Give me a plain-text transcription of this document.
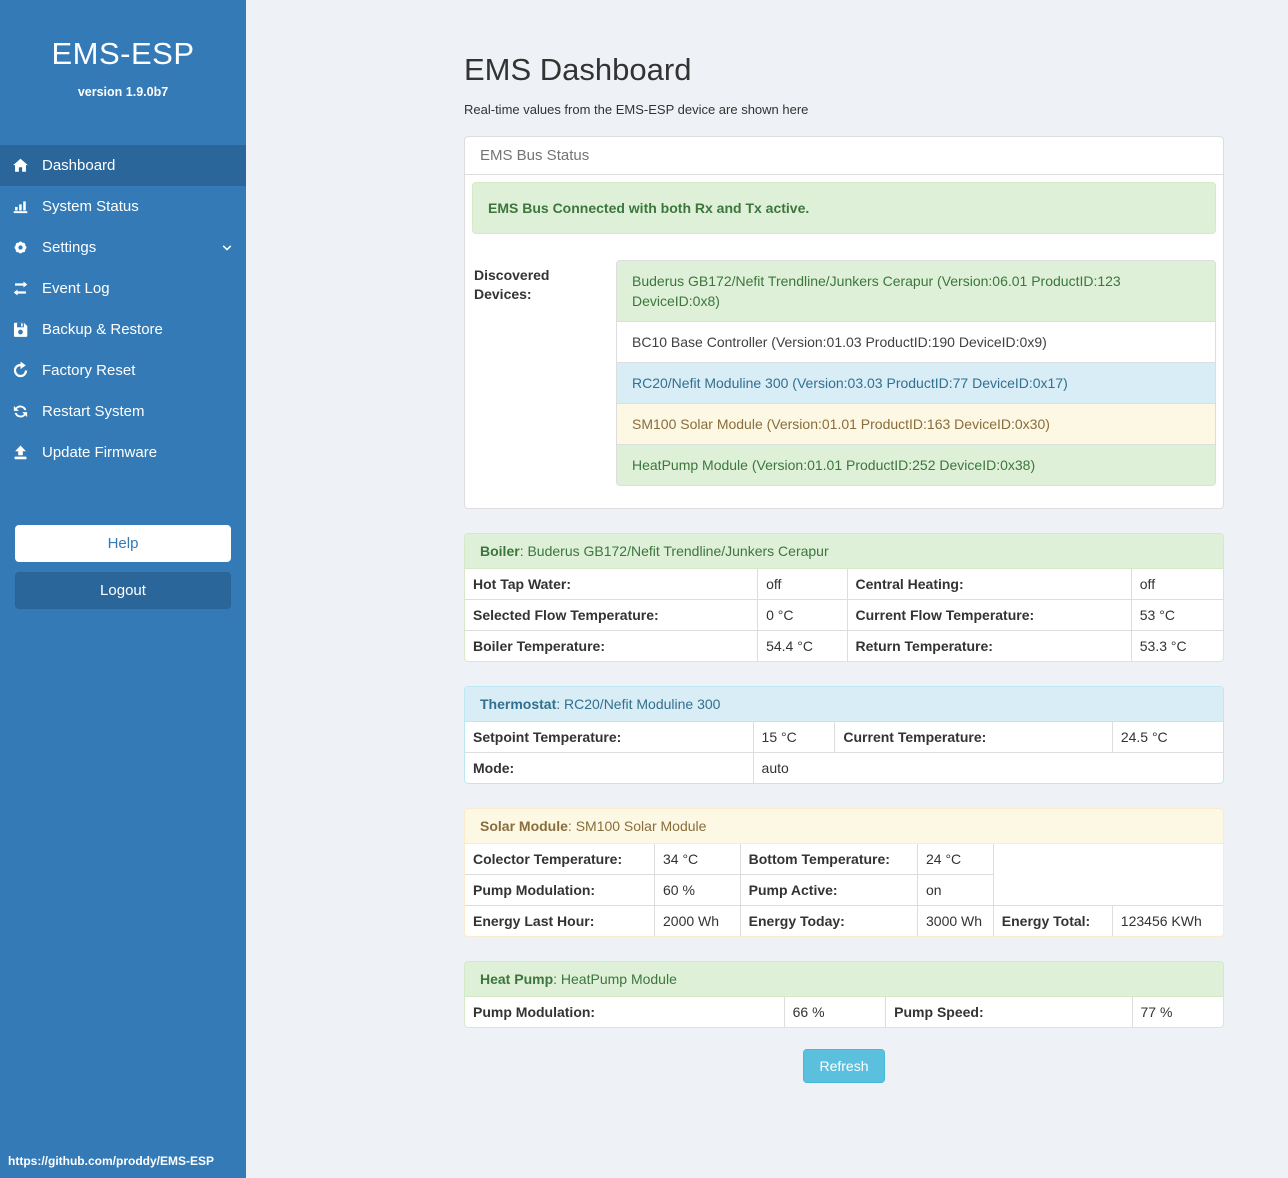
EMS-ESP
version 1.9.0b7
Dashboard
System Status
Settings
Event Log
Backup & Restore
Factory Reset
Restart System
Update Firmware
Help
Logout
https://github.com/proddy/EMS-ESP
EMS Dashboard

Real-time values from the EMS-ESP device are shown here

EMS Bus Status
EMS Bus Connected with both Rx and Tx active.
Discovered Devices:
Buderus GB172/Nefit Trendline/Junkers Cerapur (Version:06.01 ProductID:123 DeviceID:0x8)
BC10 Base Controller (Version:01.03 ProductID:190 DeviceID:0x9)
RC20/Nefit Moduline 300 (Version:03.03 ProductID:77 DeviceID:0x17)
SM100 Solar Module (Version:01.01 ProductID:163 DeviceID:0x30)
HeatPump Module (Version:01.01 ProductID:252 DeviceID:0x38)
Boiler: Buderus GB172/Nefit Trendline/Junkers Cerapur
Hot Tap Water:	off	Central Heating:	off
Selected Flow Temperature:	0 °C	Current Flow Temperature:	53 °C
Boiler Temperature:	54.4 °C	Return Temperature:	53.3 °C
Thermostat: RC20/Nefit Moduline 300
Setpoint Temperature:	15 °C	Current Temperature:	24.5 °C
Mode:	auto		
Solar Module: SM100 Solar Module
Colector Temperature:	34 °C	Bottom Temperature:	24 °C		
Pump Modulation:	60 %	Pump Active:	on		
Energy Last Hour:	2000 Wh	Energy Today:	3000 Wh	Energy Total:	123456 KWh
Heat Pump: HeatPump Module
Pump Modulation:	66 %	Pump Speed:	77 %
Refresh
